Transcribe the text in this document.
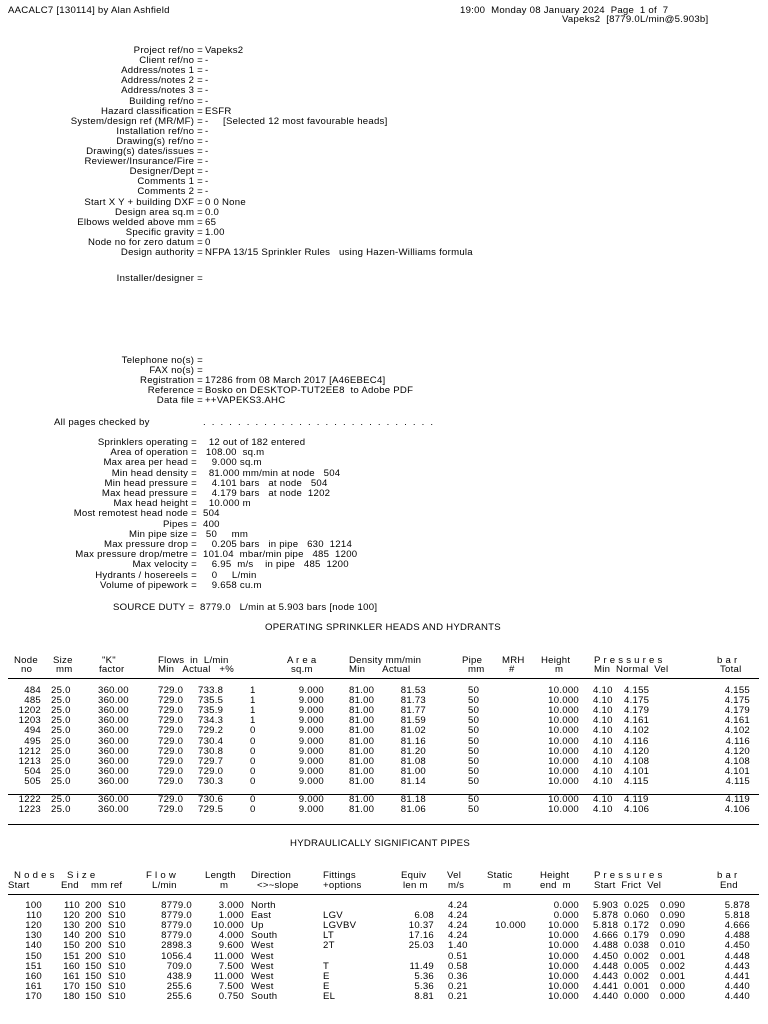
AACALC7 [130114] by Alan Ashfield	19:00  Monday 08 January 2024  Page  1 of  7
Vapeks2  [8779.0L/min@5.903b]
Project ref/no = Vapeks2
Client ref/no = -
Address/notes 1 = -
Address/notes 2 = -
Address/notes 3 = -
Building ref/no = -
Hazard classification = ESFR
System/design ref (MR/MF) = -     [Selected 12 most favourable heads]
Installation ref/no = -
Drawing(s) ref/no = -
Drawing(s) dates/issues = -
Reviewer/Insurance/Fire = -
Designer/Dept = -
Comments 1 = -
Comments 2 = -
Start X Y + building DXF = 0 0 None
Design area sq.m = 0.0
Elbows welded above mm = 65
Specific gravity = 1.00
Node no for zero datum = 0
Design authority = NFPA 13/15 Sprinkler Rules   using Hazen-Williams formula
Installer/designer =
Telephone no(s) =
FAX no(s) =
Registration = 17286 from 08 March 2017 [A46EBEC4]
Reference = Bosko on DESKTOP-TUT2EE8  to Adobe PDF
Data file = ++VAPEKS3.AHC
All pages checked by	.  .  .  .  .  .  .  .  .  .  .  .  .  .  .  .  .  .  .  .  .  .  .  .  .  .  .
Sprinklers operating = 12 out of 182 entered
Area of operation = 108.00  sq.m
Max area per head = 9.000 sq.m
Min head density = 81.000 mm/min at node   504
Min head pressure = 4.101 bars   at node   504
Max head pressure = 4.179 bars   at node  1202
Max head height = 10.000 m
Most remotest head node = 504
Pipes = 400
Min pipe size = 50     mm
Max pressure drop = 0.205 bars   in pipe   630  1214
Max pressure drop/metre = 101.04  mbar/min pipe   485  1200
Max velocity = 6.95  m/s    in pipe   485  1200
Hydrants / hosereels = 0     L/min
Volume of pipework = 9.658 cu.m
SOURCE DUTY =  8779.0   L/min at 5.903 bars [node 100]
OPERATING SPRINKLER HEADS AND HYDRANTS
Node Size	"K"	Flows  in  L/min	A r e a	Density mm/min	Pipe MRH Height P r e s s u r e s	b a r
no mm	factor	Min   Actual   +%	sq.m	Min      Actual	mm	#	m	Min  Normal  Vel	Total
484 25.0	360.00	729.0 733.8	1	9.000	81.00	81.53	50	10.000 4.10 4.155	4.155
485 25.0	360.00	729.0 735.5	1	9.000	81.00	81.73	50	10.000 4.10 4.175	4.175
1202 25.0	360.00	729.0 735.9	1	9.000	81.00	81.77	50	10.000 4.10 4.179	4.179
1203 25.0	360.00	729.0 734.3	1	9.000	81.00	81.59	50	10.000 4.10 4.161	4.161
494 25.0	360.00	729.0 729.2	0	9.000	81.00	81.02	50	10.000 4.10 4.102	4.102
495 25.0	360.00	729.0 730.4	0	9.000	81.00	81.16	50	10.000 4.10 4.116	4.116
1212 25.0	360.00	729.0 730.8	0	9.000	81.00	81.20	50	10.000 4.10 4.120	4.120
1213 25.0	360.00	729.0 729.7	0	9.000	81.00	81.08	50	10.000 4.10 4.108	4.108
504 25.0	360.00	729.0 729.0	0	9.000	81.00	81.00	50	10.000 4.10 4.101	4.101
505 25.0	360.00	729.0 730.3	0	9.000	81.00	81.14	50	10.000 4.10 4.115	4.115
1222 25.0	360.00	729.0 730.6	0	9.000	81.00	81.18	50	10.000 4.10 4.119	4.119
1223 25.0	360.00	729.0 729.5	0	9.000	81.00	81.06	50	10.000 4.10 4.106	4.106
HYDRAULICALLY SIGNIFICANT PIPES
N o d e s S i z e	F l o w	Length Direction	Fittings	Equiv Vel	Static	Height	P r e s s u r e s	b a r
Start	End mm ref	L/min	m	<>~slope	+options	len m m/s	m	end  m Start  Frict  Vel	End
100	110 200 S10	8779.0	3.000 North	4.24	0.000 5.903 0.025 0.090	5.878
110	120 200 S10	8779.0	1.000 East	LGV	6.08 4.24	0.000 5.878 0.060 0.090	5.818
120	130 200 S10	8779.0	10.000 Up	LGVBV	10.37 4.24	10.000	10.000 5.818 0.172 0.090	4.666
130	140 200 S10	8779.0	4.000 South	LT	17.16 4.24	10.000 4.666 0.179 0.090	4.488
140	150 200 S10	2898.3	9.600 West	2T	25.03 1.40	10.000 4.488 0.038 0.010	4.450
150	151 200 S10	1056.4	11.000 West	0.51	10.000 4.450 0.002 0.001	4.448
151	160 150 S10	709.0	7.500 West	T	11.49 0.58	10.000 4.448 0.005 0.002	4.443
160	161 150 S10	438.9	11.000 West	E	5.36 0.36	10.000 4.443 0.002 0.001	4.441
161	170 150 S10	255.6	7.500 West	E	5.36 0.21	10.000 4.441 0.001 0.000	4.440
170	180 150 S10	255.6	0.750 South	EL	8.81 0.21	10.000 4.440 0.000 0.000	4.440
